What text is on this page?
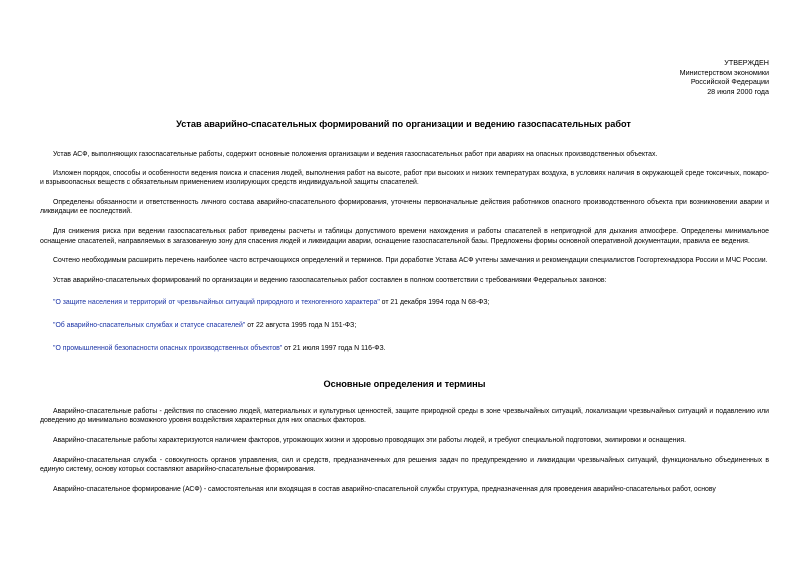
УТВЕРЖДЕН
Министерством экономики
Российской Федерации
28 июля 2000 года
Устав аварийно-спасательных формирований по организации и ведению газоспасательных работ

Устав АСФ, выполняющих газоспасательные работы, содержит основные положения организации и ведения газоспасательных работ при авариях на опасных производственных объектах.

Изложен порядок, способы и особенности ведения поиска и спасения людей, выполнения работ на высоте, работ при высоких и низких температурах воздуха, в условиях наличия в окружающей среде токсичных, пожаро- и взрывоопасных веществ с обязательным применением изолирующих средств индивидуальной защиты спасателей.

Определены обязанности и ответственность личного состава аварийно-спасательного формирования, уточнены первоначальные действия работников опасного производственного объекта при возникновении аварии и ликвидации ее последствий.

Для снижения риска при ведении газоспасательных работ приведены расчеты и таблицы допустимого времени нахождения и работы спасателей в непригодной для дыхания атмосфере. Определены минимальное оснащение спасателей, направляемых в загазованную зону для спасения людей и ликвидации аварии, оснащение газоспасательной базы. Предложены формы основной оперативной документации, правила ее ведения.

Сочтено необходимым расширить перечень наиболее часто встречающихся определений и терминов. При доработке Устава АСФ учтены замечания и рекомендации специалистов Госгортехнадзора России и МЧС России.

Устав аварийно-спасательных формирований по организации и ведению газоспасательных работ составлен в полном соответствии с требованиями Федеральных законов:

"О защите населения и территорий от чрезвычайных ситуаций природного и техногенного характера" от 21 декабря 1994 года N 68-ФЗ;

"Об аварийно-спасательных службах и статусе спасателей" от 22 августа 1995 года N 151-ФЗ;

"О промышленной безопасности опасных производственных объектов" от 21 июля 1997 года N 116-ФЗ.

Основные определения и термины

Аварийно-спасательные работы - действия по спасению людей, материальных и культурных ценностей, защите природной среды в зоне чрезвычайных ситуаций, локализации чрезвычайных ситуаций и подавлению или доведению до минимально возможного уровня воздействия характерных для них опасных факторов.

Аварийно-спасательные работы характеризуются наличием факторов, угрожающих жизни и здоровью проводящих эти работы людей, и требуют специальной подготовки, экипировки и оснащения.

Аварийно-спасательная служба - совокупность органов управления, сил и средств, предназначенных для решения задач по предупреждению и ликвидации чрезвычайных ситуаций, функционально объединенных в единую систему, основу которых составляют аварийно-спасательные формирования.

Аварийно-спасательное формирование (АСФ) - самостоятельная или входящая в состав аварийно-спасательной службы структура, предназначенная для проведения аварийно-спасательных работ, основу
